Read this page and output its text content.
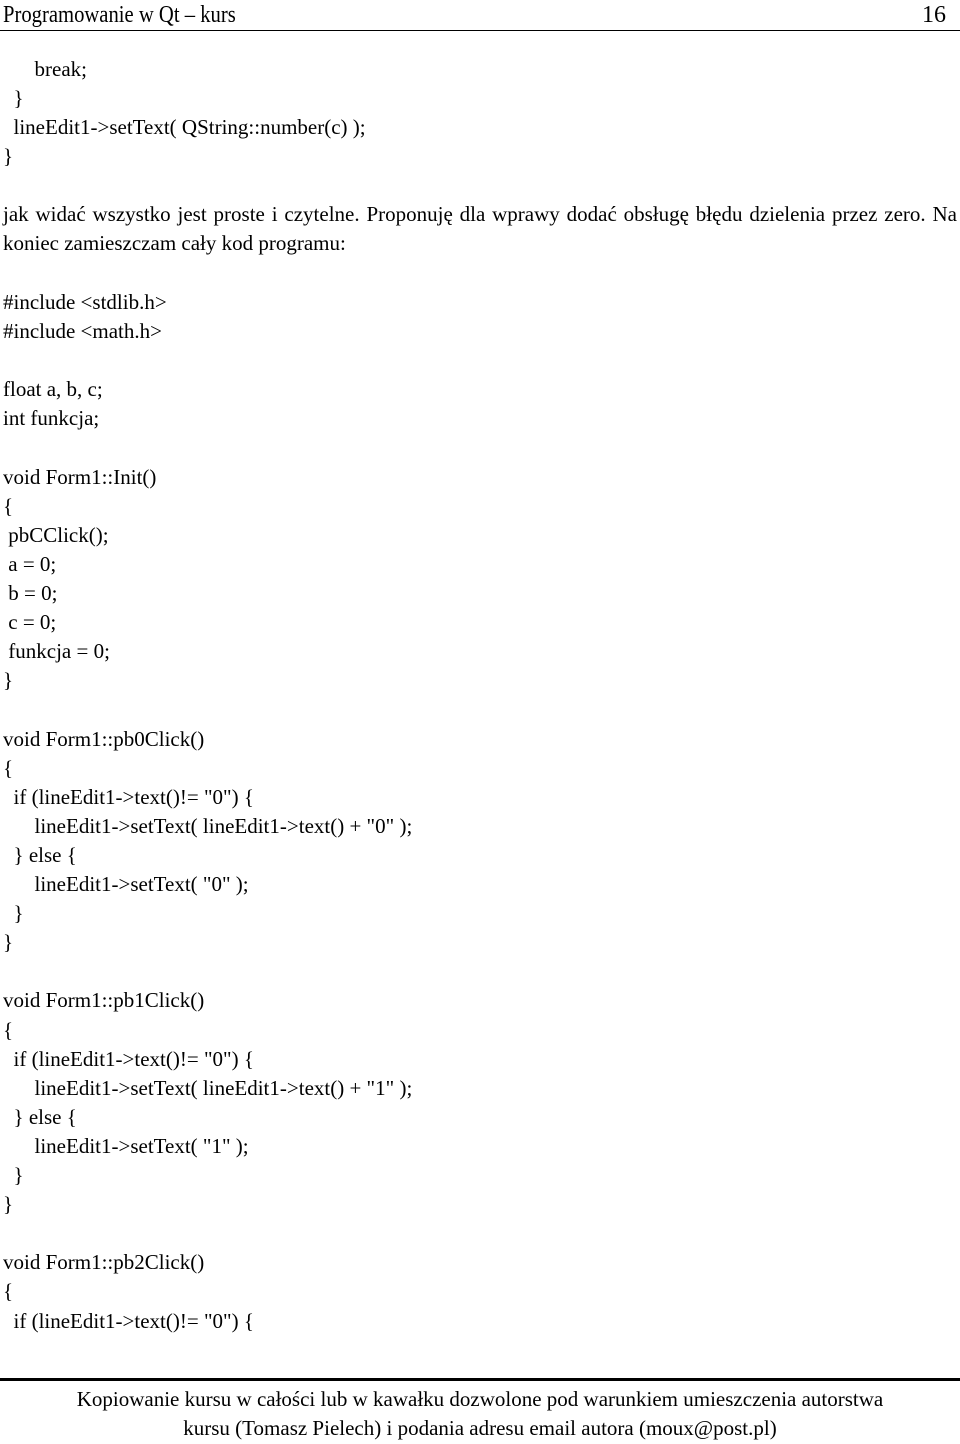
Programowanie w Qt – kurs	16
break;
}
lineEdit1->setText( QString::number(c) );
}
jak widać wszystko jest proste i czytelne. Proponuję dla wprawy dodać obsługę błędu dzielenia przez zero. Na koniec zamieszczam cały kod programu:
#include <stdlib.h>
#include <math.h>
float a, b, c;
int funkcja;
void Form1::Init()
{
pbCClick();
a = 0;
b = 0;
c = 0;
funkcja = 0;
}
void Form1::pb0Click()
{
if (lineEdit1->text()!= "0") {
lineEdit1->setText( lineEdit1->text() + "0" );
} else {
lineEdit1->setText( "0" );
}
}
void Form1::pb1Click()
{
if (lineEdit1->text()!= "0") {
lineEdit1->setText( lineEdit1->text() + "1" );
} else {
lineEdit1->setText( "1" );
}
}
void Form1::pb2Click()
{
if (lineEdit1->text()!= "0") {
Kopiowanie kursu w całości lub w kawałku dozwolone pod warunkiem umieszczenia autorstwa
kursu (Tomasz Pielech) i podania adresu email autora (moux@post.pl)
